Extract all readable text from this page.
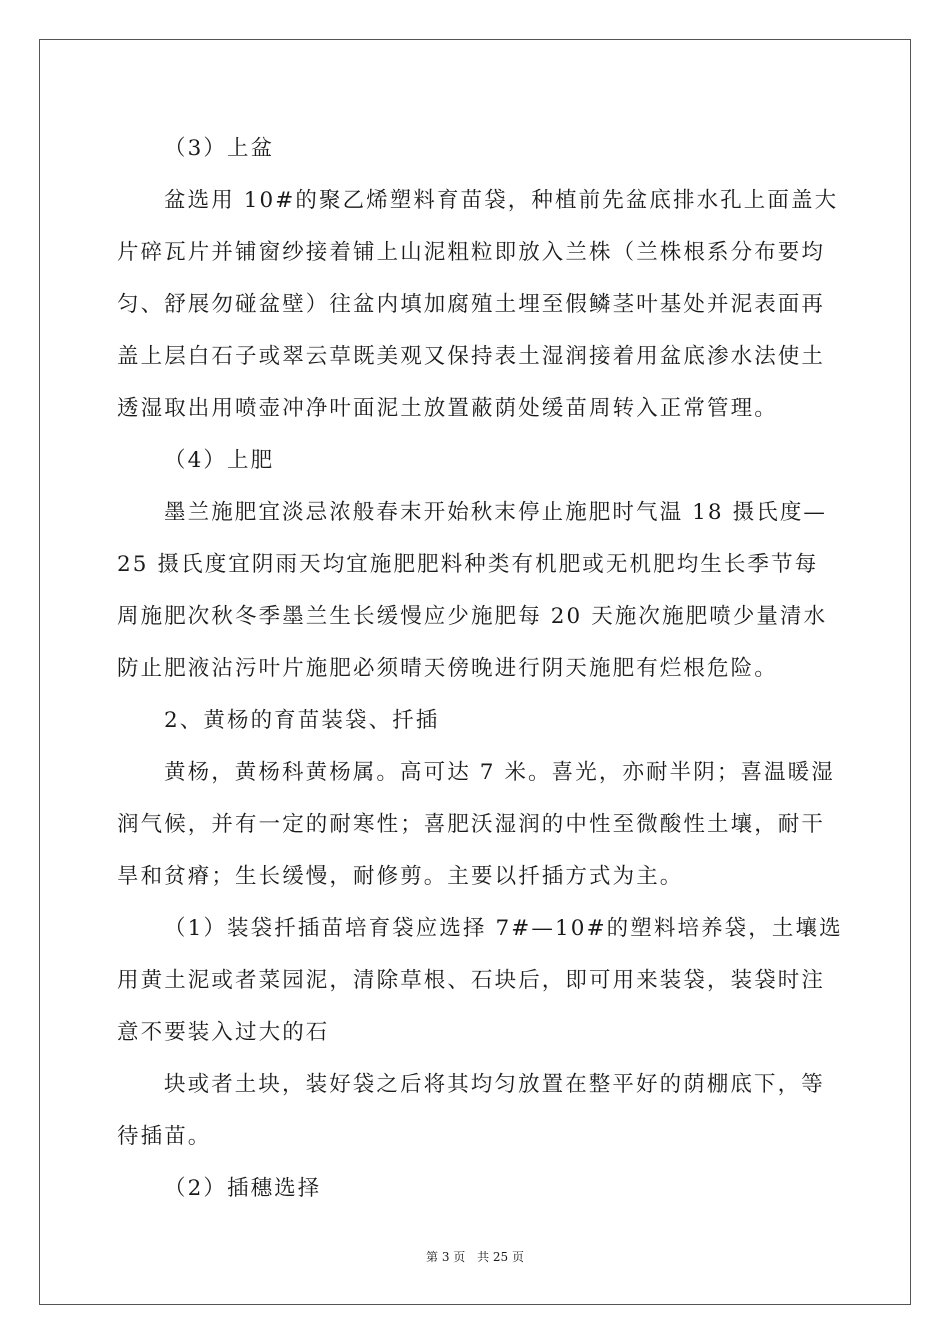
（3）上盆
盆选用 10#的聚乙烯塑料育苗袋，种植前先盆底排水孔上面盖大
片碎瓦片并铺窗纱接着铺上山泥粗粒即放入兰株（兰株根系分布要均
匀、舒展勿碰盆壁）往盆内填加腐殖土埋至假鳞茎叶基处并泥表面再
盖上层白石子或翠云草既美观又保持表土湿润接着用盆底渗水法使土
透湿取出用喷壶冲净叶面泥土放置蔽荫处缓苗周转入正常管理。
（4）上肥
墨兰施肥宜淡忌浓般春末开始秋末停止施肥时气温 18 摄氏度—
25 摄氏度宜阴雨天均宜施肥肥料种类有机肥或无机肥均生长季节每
周施肥次秋冬季墨兰生长缓慢应少施肥每 20 天施次施肥喷少量清水
防止肥液沾污叶片施肥必须晴天傍晚进行阴天施肥有烂根危险。
2、黄杨的育苗装袋、扦插
黄杨，黄杨科黄杨属。高可达 7 米。喜光，亦耐半阴；喜温暖湿
润气候，并有一定的耐寒性；喜肥沃湿润的中性至微酸性土壤，耐干
旱和贫瘠；生长缓慢，耐修剪。主要以扦插方式为主。
（1）装袋扦插苗培育袋应选择 7#—10#的塑料培养袋，土壤选
用黄土泥或者菜园泥，清除草根、石块后，即可用来装袋，装袋时注
意不要装入过大的石
块或者土块，装好袋之后将其均匀放置在整平好的荫棚底下，等
待插苗。
（2）插穗选择
第 3 页 共 25 页
